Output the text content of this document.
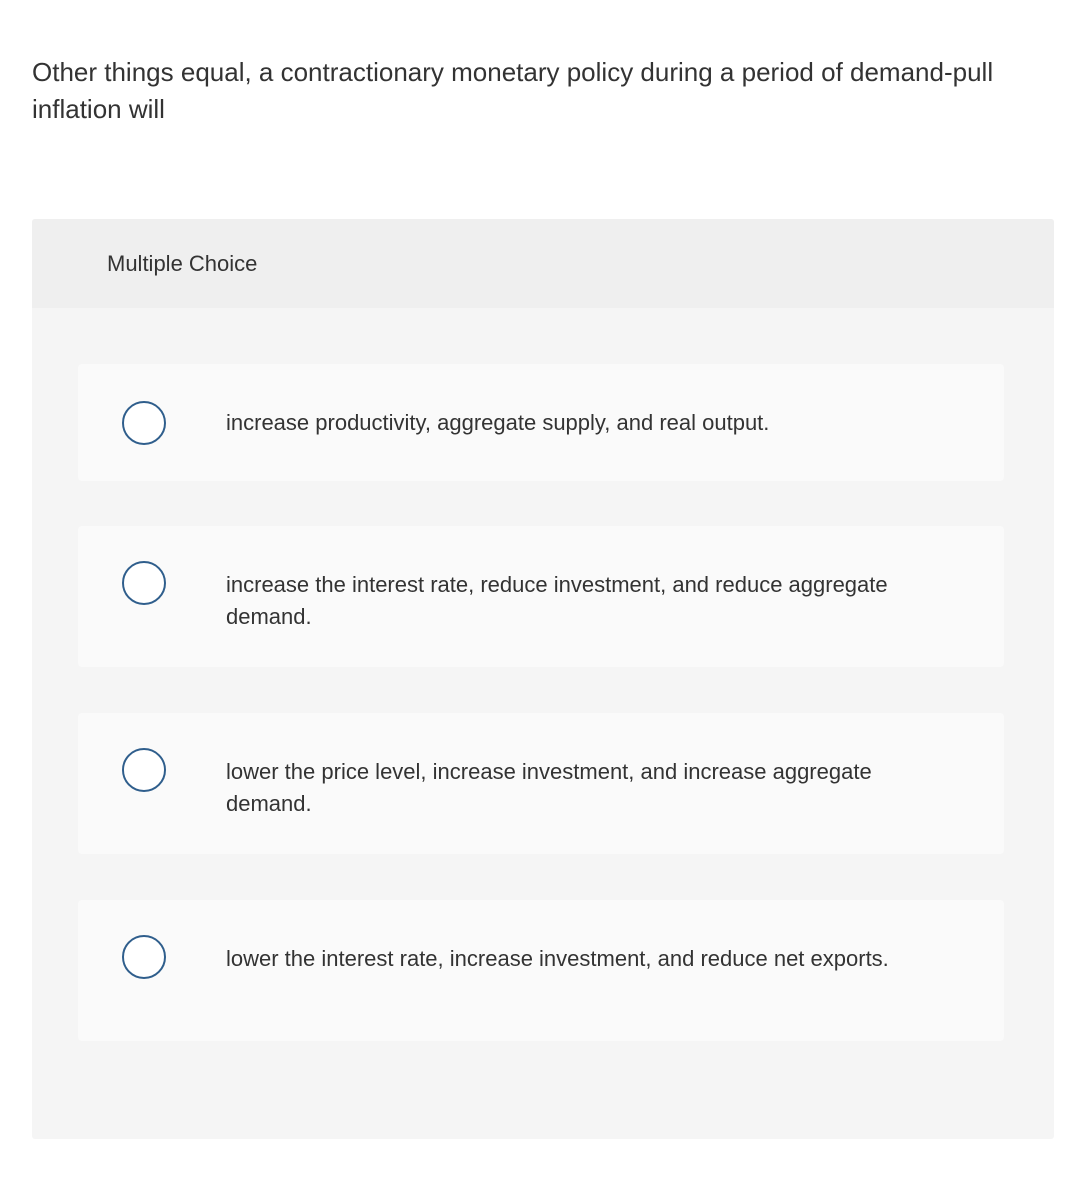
Other things equal, a contractionary monetary policy during a period of demand-pull inflation will

Multiple Choice
increase productivity, aggregate supply, and real output.
increase the interest rate, reduce investment, and reduce aggregate demand.
lower the price level, increase investment, and increase aggregate demand.
lower the interest rate, increase investment, and reduce net exports.
